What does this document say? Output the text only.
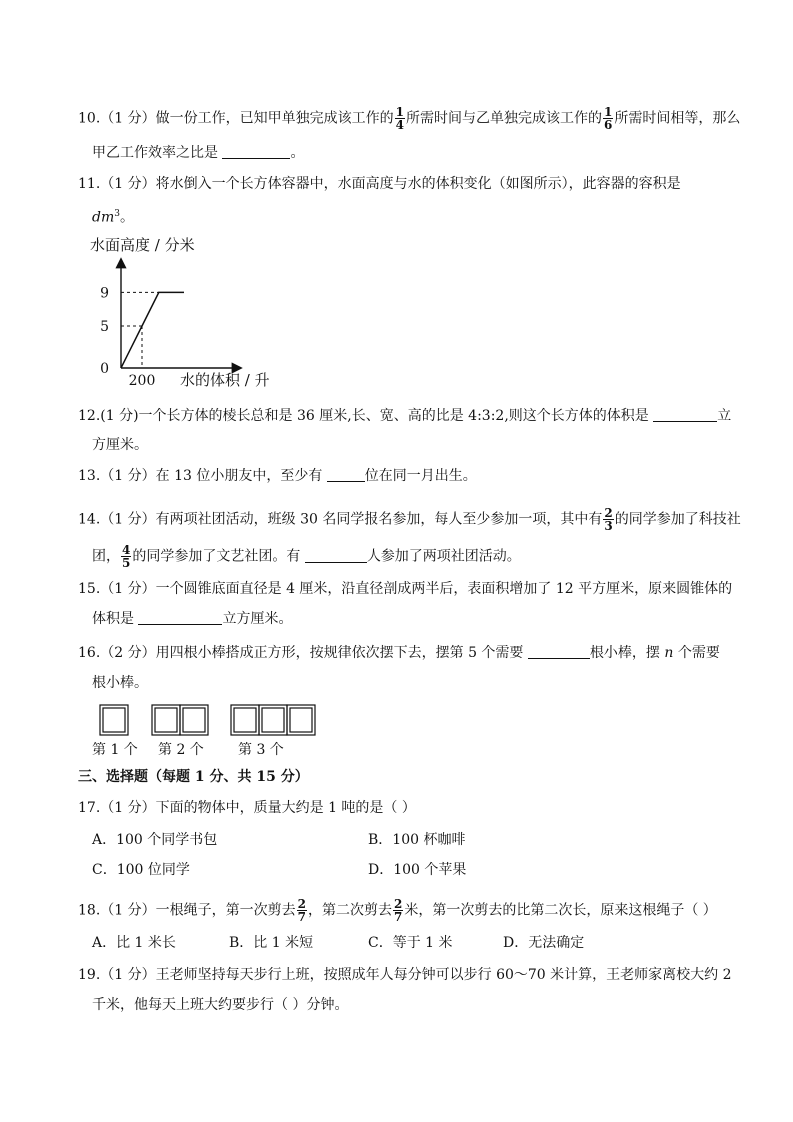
10.（1 分）做一份工作，已知甲单独完成该工作的 $\frac{1}{4}$ 所需时间与乙单独完成该工作的 $\frac{1}{6}$ 所需时间相等，那么
甲乙工作效率之比是	。
11.（1 分）将水倒入一个长方体容器中，水面高度与水的体积变化（如图所示），此容器的容积是
$dm^3$。
水面高度 / 分米
0
5
9
200 水的体积 / 升
12.(1 分)一个长方体的棱长总和是 36 厘米,长、宽、高的比是 4:3:2,则这个长方体的体积是	立
方厘米。
13.（1 分）在 13 位小朋友中，至少有	位在同一月出生。
14.（1 分）有两项社团活动，班级 30 名同学报名参加，每人至少参加一项，其中有 $\frac{2}{3}$ 的同学参加了科技社
团， $\frac{4}{5}$ 的同学参加了文艺社团。有	人参加了两项社团活动。
15.（1 分）一个圆锥底面直径是 4 厘米，沿直径剖成两半后，表面积增加了 12 平方厘米，原来圆锥体的
体积是	立方厘米。
16.（2 分）用四根小棒搭成正方形，按规律依次摆下去，摆第 5 个需要	根小棒，摆 n 个需要
根小棒。
第 1 个 第 2 个 第 3 个
三、选择题（每题 1 分、共 15 分）
17.（1 分）下面的物体中，质量大约是 1 吨的是（ ）
A．100 个同学书包	B．100 杯咖啡
C．100 位同学	D．100 个苹果
18.（1 分）一根绳子，第一次剪去 $\frac{2}{7}$ ，第二次剪去 $\frac{2}{7}$ 米，第一次剪去的比第二次长，原来这根绳子（ ）
A．比 1 米长	B．比 1 米短	C．等于 1 米	D．无法确定
19.（1 分）王老师坚持每天步行上班，按照成年人每分钟可以步行 60～70 米计算，王老师家离校大约 2
千米，他每天上班大约要步行（ ）分钟。
